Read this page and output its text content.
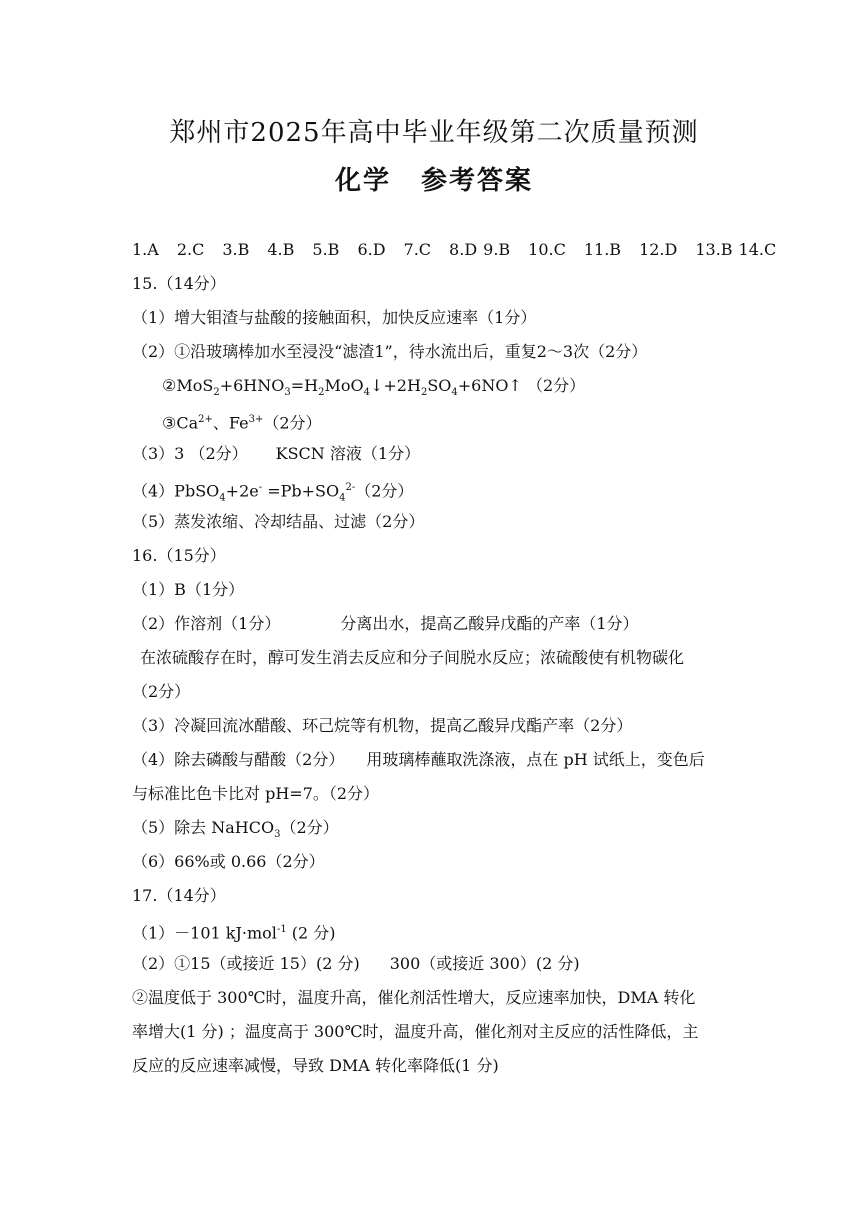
郑州市2025年高中毕业年级第二次质量预测
化学 参考答案
1.A 2.C 3.B 4.B 5.B 6.D 7.C 8.D 9.B 10.C 11.B 12.D 13.B 14.C
15.（14分）
（1）增大钼渣与盐酸的接触面积，加快反应速率（1分）
（2）①沿玻璃棒加水至浸没“滤渣1”，待水流出后，重复2～3次（2分）
$②MoS_2+6HNO_3=H_2MoO_4↓+2H_2SO_4+6NO↑$ （2分）
$③Ca^{2+}$、$Fe^{3+}(2$分）
（3）3 （2分） KSCN 溶液（1分）
（4）PbSO$_4$+2e- $=Pb+SO_4^{2-}(2$分）
（5）蒸发浓缩、冷却结晶、过滤（2分）
16.（15分）
（1）B（1分）
（2）作溶剂（1分）	分离出水，提高乙酸异戊酯的产率（1分）
在浓硫酸存在时，醇可发生消去反应和分子间脱水反应；浓硫酸使有机物碳化
（2分）
（3）冷凝回流冰醋酸、环己烷等有机物，提高乙酸异戊酯产率（2分）
（4）除去磷酸与醋酸（2分） 用玻璃棒蘸取洗涤液，点在 pH 试纸上，变色后
与标准比色卡比对 pH=7。（2分）
（5）除去 NaHCO$_3$（2分）
（6）66%或 0.66（2分）
17.（14分）
（1）－101 kJ·mol$^{-1}$ (2 分)
（2）①15（或接近 15）(2 分) 300（或接近 300）(2 分)
②温度低于 300℃时，温度升高，催化剂活性增大，反应速率加快，DMA 转化
率增大(1 分) ；温度高于 300℃时，温度升高，催化剂对主反应的活性降低，主
反应的反应速率减慢，导致 DMA 转化率降低(1 分)
